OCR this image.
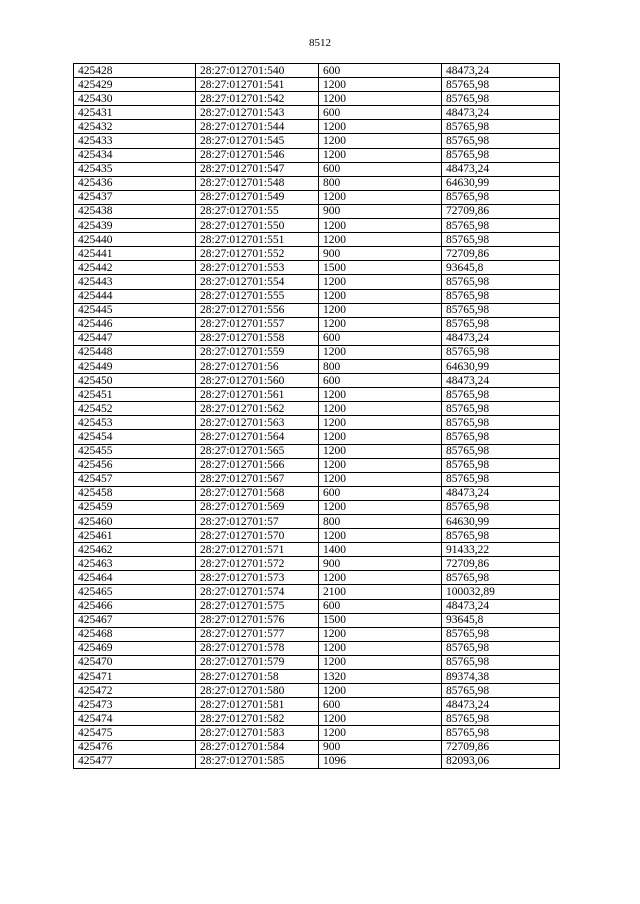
8512
425428	28:27:012701:540	600	48473,24
425429	28:27:012701:541	1200	85765,98
425430	28:27:012701:542	1200	85765,98
425431	28:27:012701:543	600	48473,24
425432	28:27:012701:544	1200	85765,98
425433	28:27:012701:545	1200	85765,98
425434	28:27:012701:546	1200	85765,98
425435	28:27:012701:547	600	48473,24
425436	28:27:012701:548	800	64630,99
425437	28:27:012701:549	1200	85765,98
425438	28:27:012701:55	900	72709,86
425439	28:27:012701:550	1200	85765,98
425440	28:27:012701:551	1200	85765,98
425441	28:27:012701:552	900	72709,86
425442	28:27:012701:553	1500	93645,8
425443	28:27:012701:554	1200	85765,98
425444	28:27:012701:555	1200	85765,98
425445	28:27:012701:556	1200	85765,98
425446	28:27:012701:557	1200	85765,98
425447	28:27:012701:558	600	48473,24
425448	28:27:012701:559	1200	85765,98
425449	28:27:012701:56	800	64630,99
425450	28:27:012701:560	600	48473,24
425451	28:27:012701:561	1200	85765,98
425452	28:27:012701:562	1200	85765,98
425453	28:27:012701:563	1200	85765,98
425454	28:27:012701:564	1200	85765,98
425455	28:27:012701:565	1200	85765,98
425456	28:27:012701:566	1200	85765,98
425457	28:27:012701:567	1200	85765,98
425458	28:27:012701:568	600	48473,24
425459	28:27:012701:569	1200	85765,98
425460	28:27:012701:57	800	64630,99
425461	28:27:012701:570	1200	85765,98
425462	28:27:012701:571	1400	91433,22
425463	28:27:012701:572	900	72709,86
425464	28:27:012701:573	1200	85765,98
425465	28:27:012701:574	2100	100032,89
425466	28:27:012701:575	600	48473,24
425467	28:27:012701:576	1500	93645,8
425468	28:27:012701:577	1200	85765,98
425469	28:27:012701:578	1200	85765,98
425470	28:27:012701:579	1200	85765,98
425471	28:27:012701:58	1320	89374,38
425472	28:27:012701:580	1200	85765,98
425473	28:27:012701:581	600	48473,24
425474	28:27:012701:582	1200	85765,98
425475	28:27:012701:583	1200	85765,98
425476	28:27:012701:584	900	72709,86
425477	28:27:012701:585	1096	82093,06
